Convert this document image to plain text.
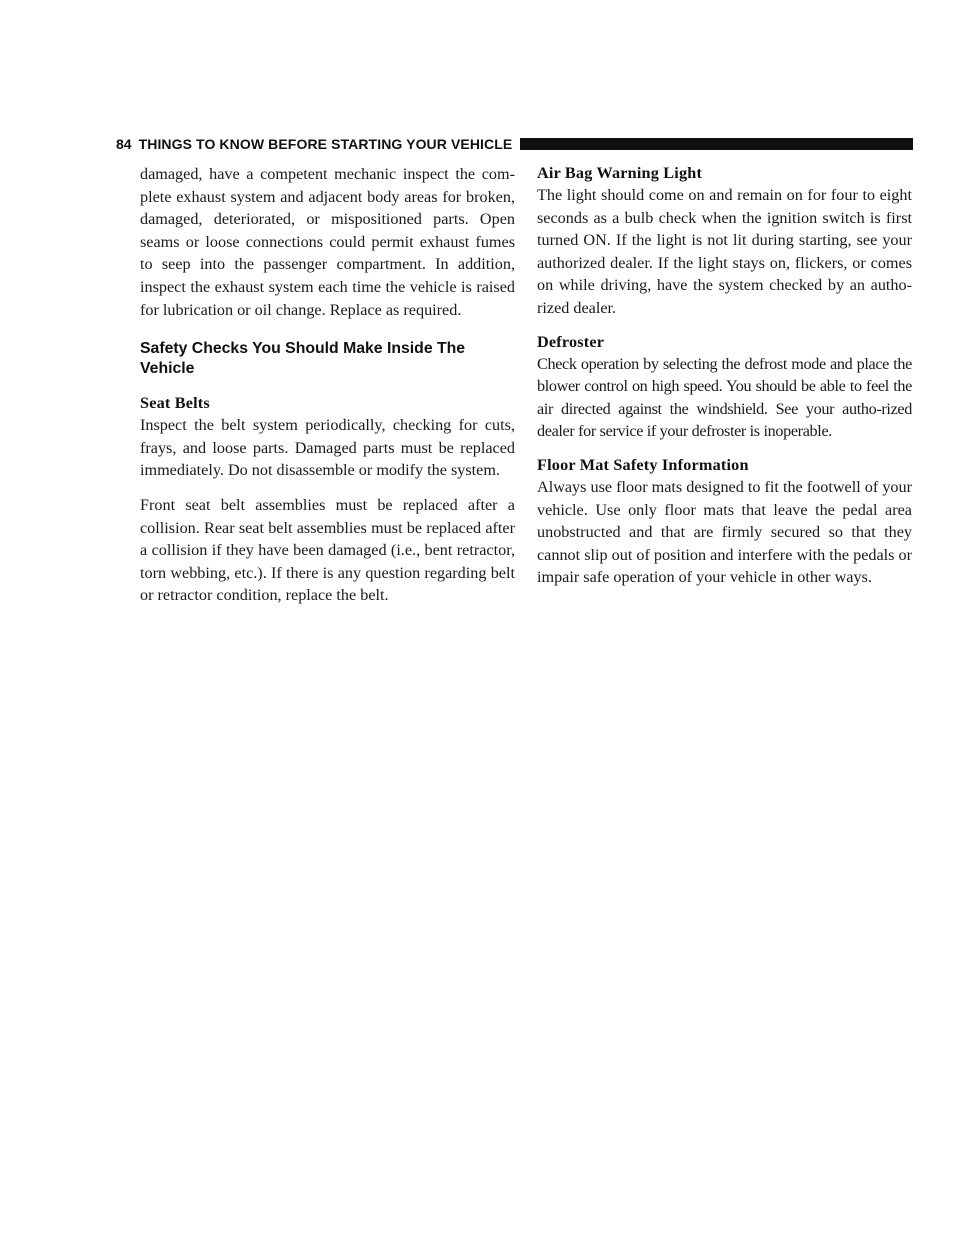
84 THINGS TO KNOW BEFORE STARTING YOUR VEHICLE

damaged, have a competent mechanic inspect the com-plete exhaust system and adjacent body areas for broken, damaged, deteriorated, or mispositioned parts. Open seams or loose connections could permit exhaust fumes to seep into the passenger compartment. In addition, inspect the exhaust system each time the vehicle is raised for lubrication or oil change. Replace as required.

Safety Checks You Should Make Inside The Vehicle
Seat Belts

Inspect the belt system periodically, checking for cuts, frays, and loose parts. Damaged parts must be replaced immediately. Do not disassemble or modify the system.

Front seat belt assemblies must be replaced after a collision. Rear seat belt assemblies must be replaced after a collision if they have been damaged (i.e., bent retractor, torn webbing, etc.). If there is any question regarding belt or retractor condition, replace the belt.

Air Bag Warning Light

The light should come on and remain on for four to eight seconds as a bulb check when the ignition switch is first turned ON. If the light is not lit during starting, see your authorized dealer. If the light stays on, flickers, or comes on while driving, have the system checked by an autho-rized dealer.

Defroster

Check operation by selecting the defrost mode and place the blower control on high speed. You should be able to feel the air directed against the windshield. See your autho-rized dealer for service if your defroster is inoperable.

Floor Mat Safety Information

Always use floor mats designed to fit the footwell of your vehicle. Use only floor mats that leave the pedal area unobstructed and that are firmly secured so that they cannot slip out of position and interfere with the pedals or impair safe operation of your vehicle in other ways.
